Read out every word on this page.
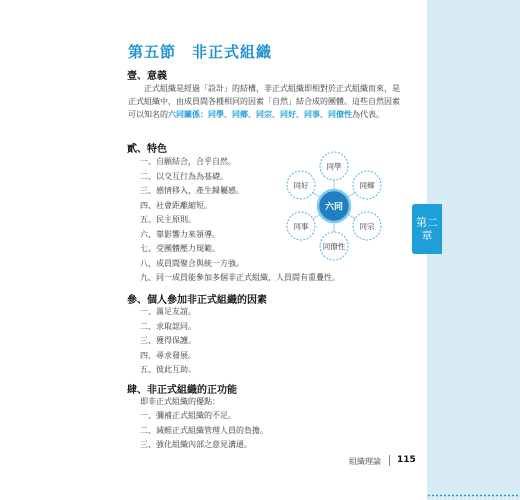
第二
章
第五節　非正式組織
壹、意義
正式組織是經過「設計」的結構，非正式組織即相對於正式組織而來，是正式組織中，由成員間各種相同的因素「自然」結合成的團體。這些自然因素可以知名的六同關係：同學、同鄉、同宗、同好、同事、同僚性為代表。
貳、特色
一、自願結合，合乎自然。
二、以交互行為為基礎。
三、感情移入，產生歸屬感。
四、社會距離縮短。
五、民主原則。
六、靠影響力來領導。
七、受團體壓力規範。
八、成員間聚合與統一方強。
九、同一成員能參加多個非正式組織，人員間有重疊性。
六同
同學
同鄉
同宗
同僚性
同事
同好
參、個人參加非正式組織的因素
一、滿足友誼。
二、求取認同。
三、獲得保護。
四、尋求發展。
五、彼此互助。
肆、非正式組織的正功能
即非正式組織的優點：
一、彌補正式組織的不足。
二、減輕正式組織管理人員的負擔。
三、強化組織內部之意見溝通。
組織理論 115
